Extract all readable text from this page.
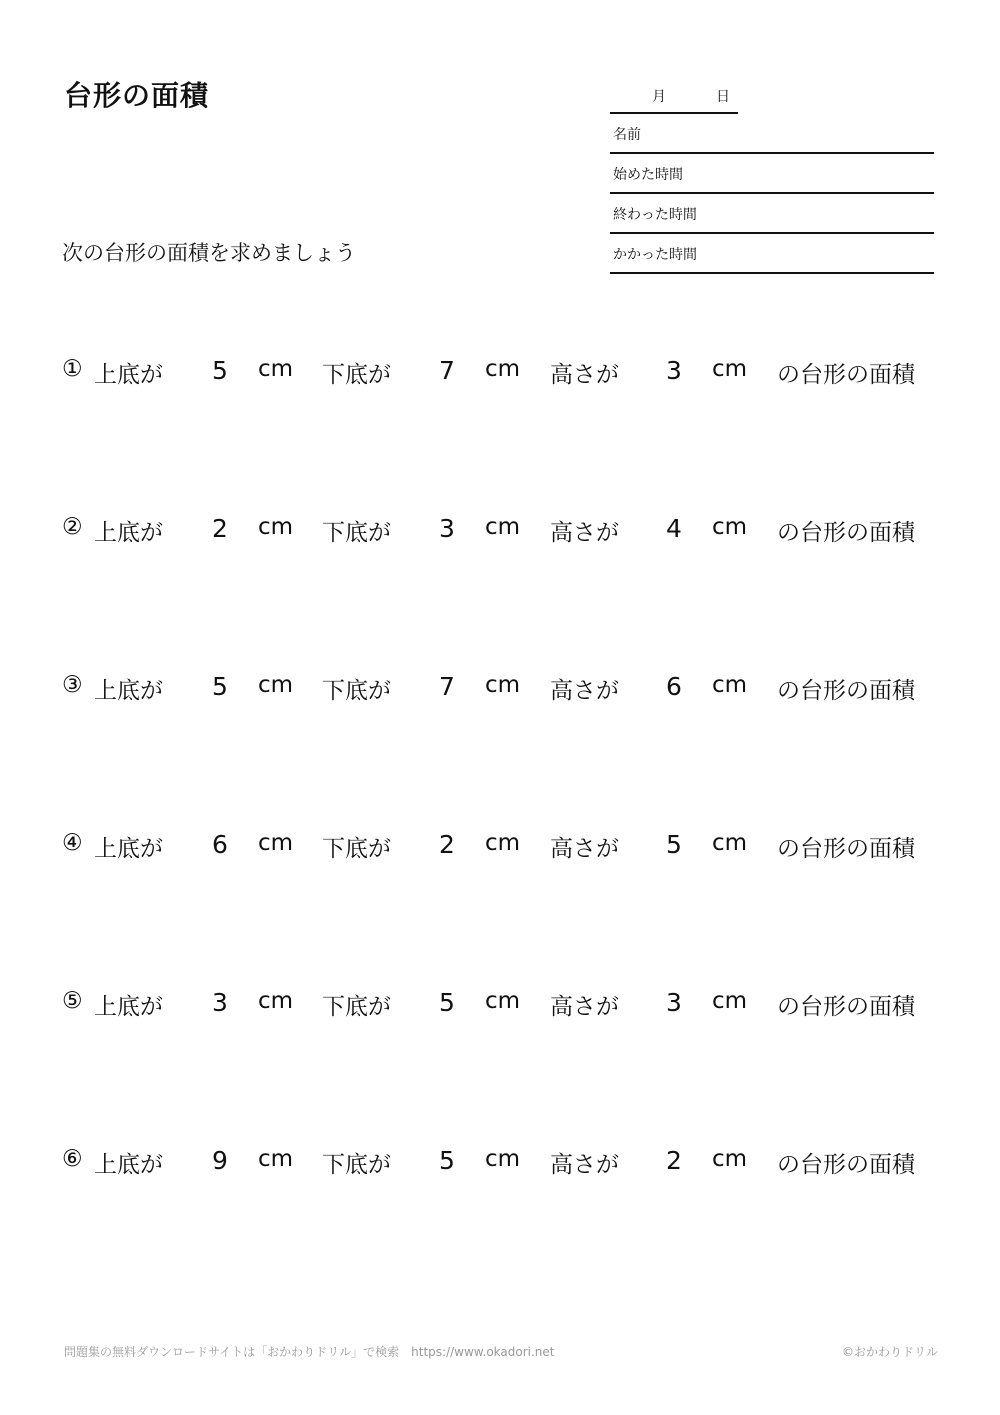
台形の面積	月	日
名前
始めた時間
終わった時間
かかった時間
次の台形の面積を求めましょう
① 上底が 5 cm 下底が 7 cm 高さが 3 cm の台形の面積
② 上底が 2 cm 下底が 3 cm 高さが 4 cm の台形の面積
③ 上底が 5 cm 下底が 7 cm 高さが 6 cm の台形の面積
④ 上底が 6 cm 下底が 2 cm 高さが 5 cm の台形の面積
⑤ 上底が 3 cm 下底が 5 cm 高さが 3 cm の台形の面積
⑥ 上底が 9 cm 下底が 5 cm 高さが 2 cm の台形の面積
問題集の無料ダウンロードサイトは「おかわりドリル」で検索　https://www.okadori.net	©おかわりドリル
